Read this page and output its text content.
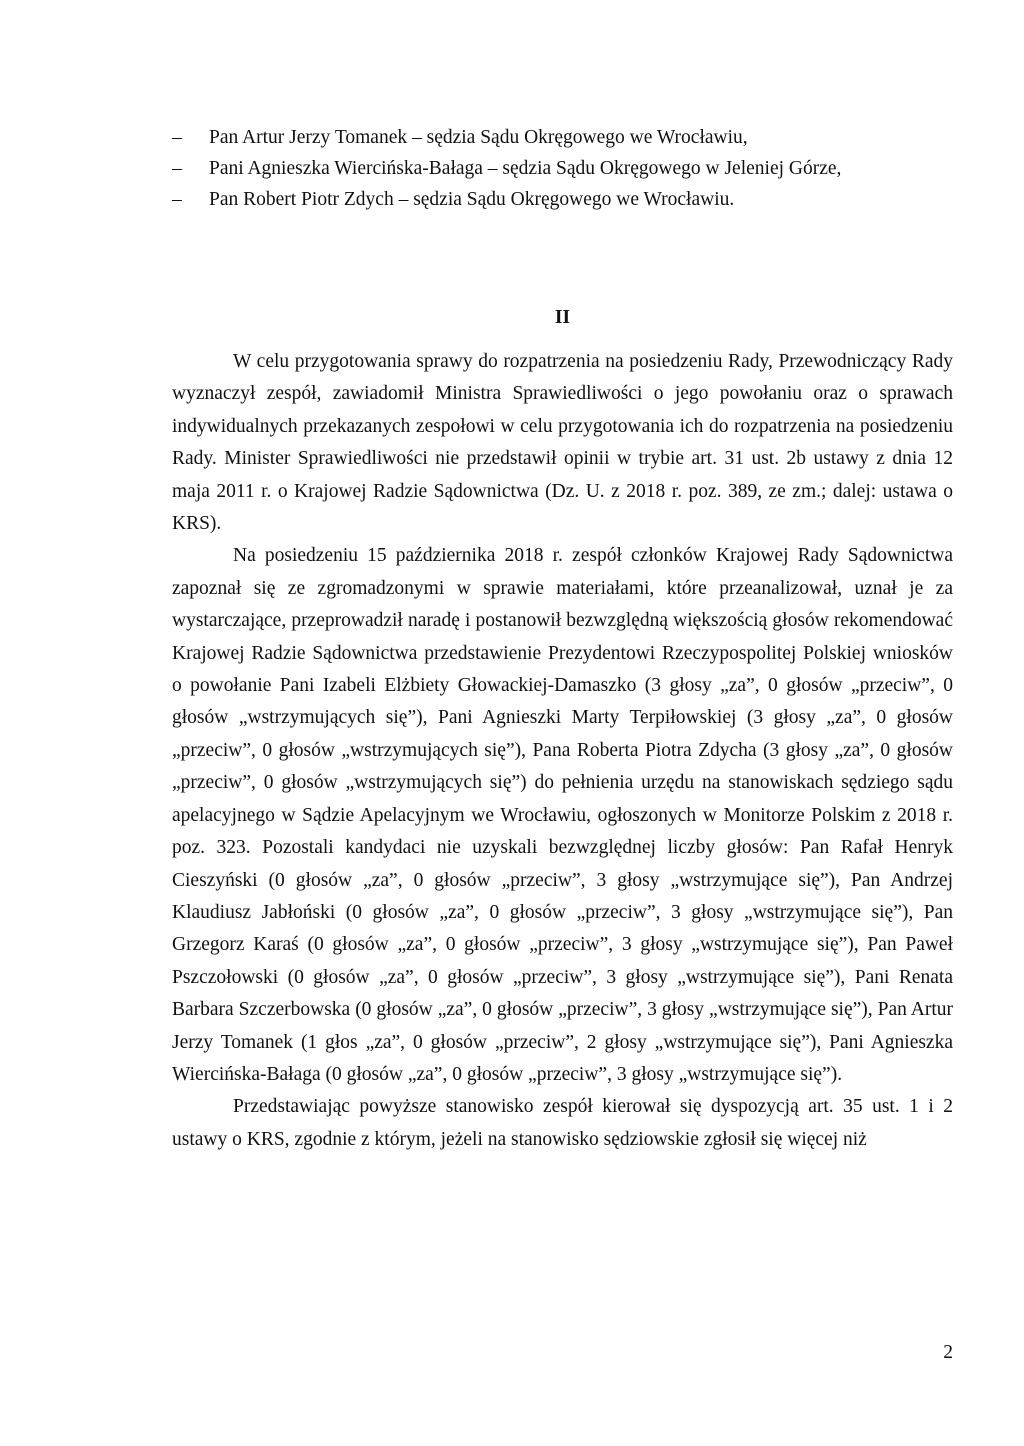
– Pan Artur Jerzy Tomanek – sędzia Sądu Okręgowego we Wrocławiu,
– Pani Agnieszka Wiercińska-Bałaga – sędzia Sądu Okręgowego w Jeleniej Górze,
– Pan Robert Piotr Zdych – sędzia Sądu Okręgowego we Wrocławiu.
II

W celu przygotowania sprawy do rozpatrzenia na posiedzeniu Rady, Przewodniczący Rady wyznaczył zespół, zawiadomił Ministra Sprawiedliwości o jego powołaniu oraz o sprawach indywidualnych przekazanych zespołowi w celu przygotowania ich do rozpatrzenia na posiedzeniu Rady. Minister Sprawiedliwości nie przedstawił opinii w trybie art. 31 ust. 2b ustawy z dnia 12 maja 2011 r. o Krajowej Radzie Sądownictwa (Dz. U. z 2018 r. poz. 389, ze zm.; dalej: ustawa o KRS).

Na posiedzeniu 15 października 2018 r. zespół członków Krajowej Rady Sądownictwa zapoznał się ze zgromadzonymi w sprawie materiałami, które przeanalizował, uznał je za wystarczające, przeprowadził naradę i postanowił bezwzględną większością głosów rekomendować Krajowej Radzie Sądownictwa przedstawienie Prezydentowi Rzeczypospolitej Polskiej wniosków o powołanie Pani Izabeli Elżbiety Głowackiej-Damaszko (3 głosy „za”, 0 głosów „przeciw”, 0 głosów „wstrzymujących się”), Pani Agnieszki Marty Terpiłowskiej (3 głosy „za”, 0 głosów „przeciw”, 0 głosów „wstrzymujących się”), Pana Roberta Piotra Zdycha (3 głosy „za”, 0 głosów „przeciw”, 0 głosów „wstrzymujących się”) do pełnienia urzędu na stanowiskach sędziego sądu apelacyjnego w Sądzie Apelacyjnym we Wrocławiu, ogłoszonych w Monitorze Polskim z 2018 r. poz. 323. Pozostali kandydaci nie uzyskali bezwzględnej liczby głosów: Pan Rafał Henryk Cieszyński (0 głosów „za”, 0 głosów „przeciw”, 3 głosy „wstrzymujące się”), Pan Andrzej Klaudiusz Jabłoński (0 głosów „za”, 0 głosów „przeciw”, 3 głosy „wstrzymujące się”), Pan Grzegorz Karaś (0 głosów „za”, 0 głosów „przeciw”, 3 głosy „wstrzymujące się”), Pan Paweł Pszczołowski (0 głosów „za”, 0 głosów „przeciw”, 3 głosy „wstrzymujące się”), Pani Renata Barbara Szczerbowska (0 głosów „za”, 0 głosów „przeciw”, 3 głosy „wstrzymujące się”), Pan Artur Jerzy Tomanek (1 głos „za”, 0 głosów „przeciw”, 2 głosy „wstrzymujące się”), Pani Agnieszka Wiercińska-Bałaga (0 głosów „za”, 0 głosów „przeciw”, 3 głosy „wstrzymujące się”).

Przedstawiając powyższe stanowisko zespół kierował się dyspozycją art. 35 ust. 1 i 2 ustawy o KRS, zgodnie z którym, jeżeli na stanowisko sędziowskie zgłosił się więcej niż

2
